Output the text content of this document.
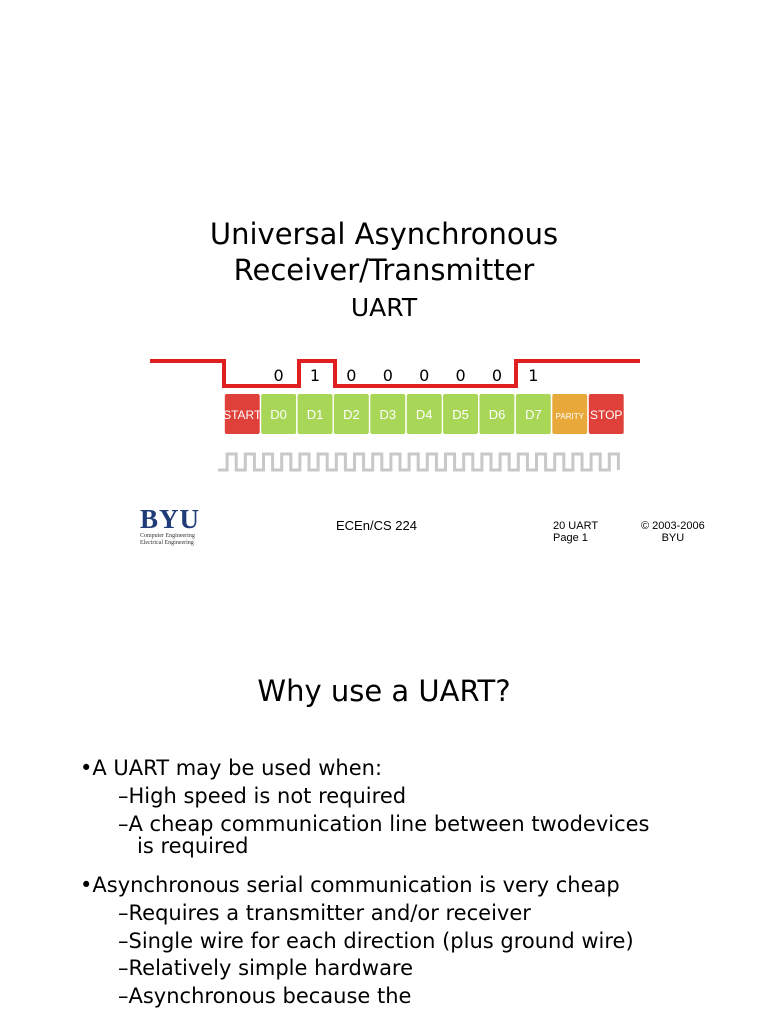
Universal Asynchronous
Receiver/Transmitter
UART
0 1 0 0 0 0 0 1
START D0 D1 D2 D3 D4 D5 D6 D7 PARITY STOP
BYU
Computer Engineering
Electrical Engineering
ECEn/CS 224	20 UART
Page 1
© 2003-2006
BYU
Why use a UART?
•A UART may be used when:
–High speed is not required
–A cheap communication line between twodevices
is required
•Asynchronous serial communication is very cheap
–Requires a transmitter and/or receiver
–Single wire for each direction (plus ground wire)
–Relatively simple hardware
–Asynchronous because the
